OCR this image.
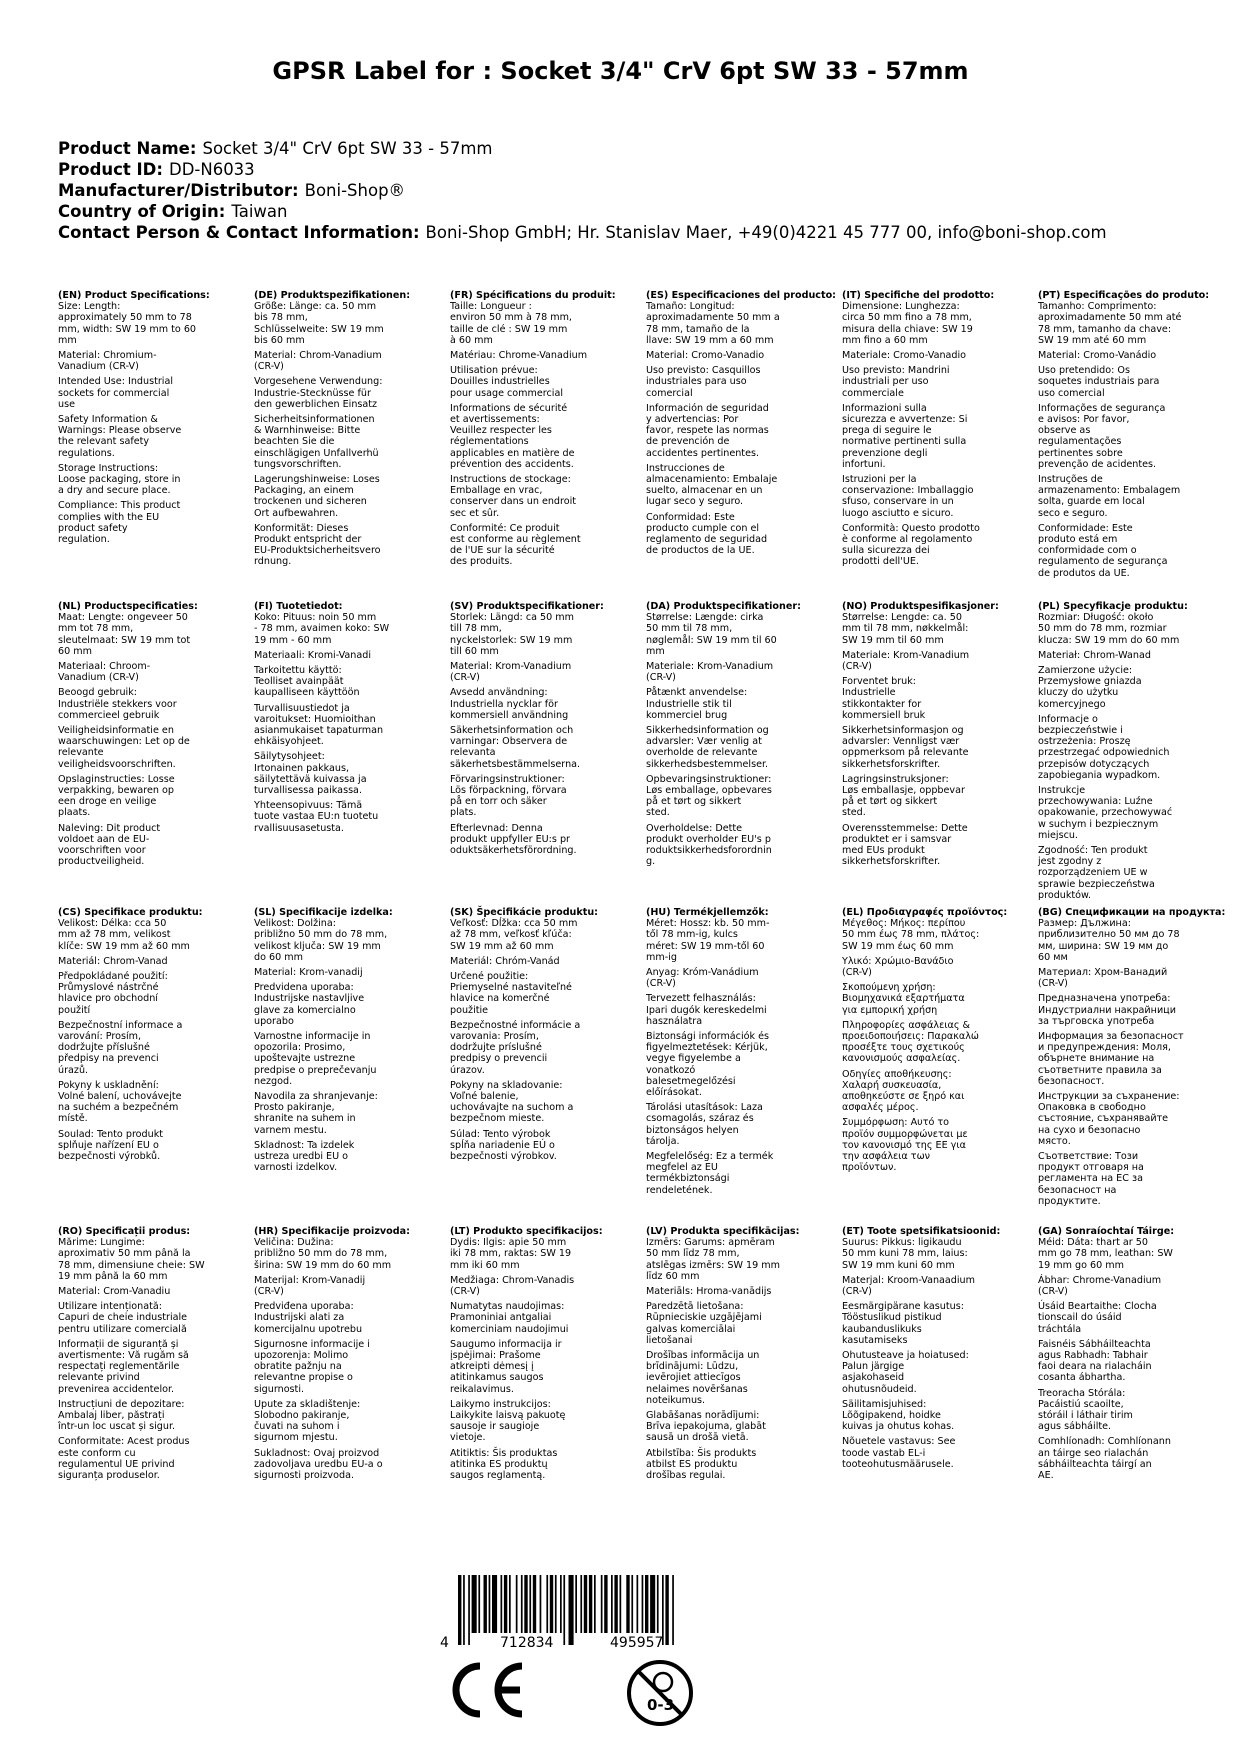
GPSR Label for : Socket 3/4" CrV 6pt SW 33 - 57mm
Product Name: Socket 3/4" CrV 6pt SW 33 - 57mm
Product ID: DD-N6033
Manufacturer/Distributor: Boni-Shop®
Country of Origin: Taiwan
Contact Person & Contact Information: Boni-Shop GmbH; Hr. Stanislav Maer, +49(0)4221 45 777 00, info@boni-shop.com
(EN) Product Specifications:

Size: Length:
approximately 50 mm to 78
mm, width: SW 19 mm to 60
mm

Material: Chromium-
Vanadium (CR-V)

Intended Use: Industrial
sockets for commercial
use

Safety Information &
Warnings: Please observe
the relevant safety
regulations.

Storage Instructions:
Loose packaging, store in
a dry and secure place.

Compliance: This product
complies with the EU
product safety
regulation.

(DE) Produktspezifikationen:

Größe: Länge: ca. 50 mm
bis 78 mm,
Schlüsselweite: SW 19 mm
bis 60 mm

Material: Chrom-Vanadium
(CR-V)

Vorgesehene Verwendung:
Industrie-Stecknüsse für
den gewerblichen Einsatz

Sicherheitsinformationen
& Warnhinweise: Bitte
beachten Sie die
einschlägigen Unfallverhü
tungsvorschriften.

Lagerungshinweise: Loses
Packaging, an einem
trockenen und sicheren
Ort aufbewahren.

Konformität: Dieses
Produkt entspricht der
EU-Produktsicherheitsvero
rdnung.

(FR) Spécifications du produit:

Taille: Longueur :
environ 50 mm à 78 mm,
taille de clé : SW 19 mm
à 60 mm

Matériau: Chrome-Vanadium

Utilisation prévue:
Douilles industrielles
pour usage commercial

Informations de sécurité
et avertissements:
Veuillez respecter les
réglementations
applicables en matière de
prévention des accidents.

Instructions de stockage:
Emballage en vrac,
conserver dans un endroit
sec et sûr.

Conformité: Ce produit
est conforme au règlement
de l'UE sur la sécurité
des produits.

(ES) Especificaciones del producto:

Tamaño: Longitud:
aproximadamente 50 mm a
78 mm, tamaño de la
llave: SW 19 mm a 60 mm

Material: Cromo-Vanadio

Uso previsto: Casquillos
industriales para uso
comercial

Información de seguridad
y advertencias: Por
favor, respete las normas
de prevención de
accidentes pertinentes.

Instrucciones de
almacenamiento: Embalaje
suelto, almacenar en un
lugar seco y seguro.

Conformidad: Este
producto cumple con el
reglamento de seguridad
de productos de la UE.

(IT) Specifiche del prodotto:

Dimensione: Lunghezza:
circa 50 mm fino a 78 mm,
misura della chiave: SW 19
mm fino a 60 mm

Materiale: Cromo-Vanadio

Uso previsto: Mandrini
industriali per uso
commerciale

Informazioni sulla
sicurezza e avvertenze: Si
prega di seguire le
normative pertinenti sulla
prevenzione degli
infortuni.

Istruzioni per la
conservazione: Imballaggio
sfuso, conservare in un
luogo asciutto e sicuro.

Conformità: Questo prodotto
è conforme al regolamento
sulla sicurezza dei
prodotti dell'UE.

(PT) Especificações do produto:

Tamanho: Comprimento:
aproximadamente 50 mm até
78 mm, tamanho da chave:
SW 19 mm até 60 mm

Material: Cromo-Vanádio

Uso pretendido: Os
soquetes industriais para
uso comercial

Informações de segurança
e avisos: Por favor,
observe as
regulamentações
pertinentes sobre
prevenção de acidentes.

Instruções de
armazenamento: Embalagem
solta, guarde em local
seco e seguro.

Conformidade: Este
produto está em
conformidade com o
regulamento de segurança
de produtos da UE.

(NL) Productspecificaties:

Maat: Lengte: ongeveer 50
mm tot 78 mm,
sleutelmaat: SW 19 mm tot
60 mm

Materiaal: Chroom-
Vanadium (CR-V)

Beoogd gebruik:
Industriële stekkers voor
commercieel gebruik

Veiligheidsinformatie en
waarschuwingen: Let op de
relevante
veiligheidsvoorschriften.

Opslaginstructies: Losse
verpakking, bewaren op
een droge en veilige
plaats.

Naleving: Dit product
voldoet aan de EU-
voorschriften voor
productveiligheid.

(FI) Tuotetiedot:

Koko: Pituus: noin 50 mm
- 78 mm, avaimen koko: SW
19 mm - 60 mm

Materiaali: Kromi-Vanadi

Tarkoitettu käyttö:
Teolliset avainpäät
kaupalliseen käyttöön

Turvallisuustiedot ja
varoitukset: Huomioithan
asianmukaiset tapaturman
ehkäisyohjeet.

Säilytysohjeet:
Irtonainen pakkaus,
säilytettävä kuivassa ja
turvallisessa paikassa.

Yhteensopivuus: Tämä
tuote vastaa EU:n tuotetu
rvallisuusasetusta.

(SV) Produktspecifikationer:

Storlek: Längd: ca 50 mm
till 78 mm,
nyckelstorlek: SW 19 mm
till 60 mm

Material: Krom-Vanadium
(CR-V)

Avsedd användning:
Industriella nycklar för
kommersiell användning

Säkerhetsinformation och
varningar: Observera de
relevanta
säkerhetsbestämmelserna.

Förvaringsinstruktioner:
Lös förpackning, förvara
på en torr och säker
plats.

Efterlevnad: Denna
produkt uppfyller EU:s pr
oduktsäkerhetsförordning.

(DA) Produktspecifikationer:

Størrelse: Længde: cirka
50 mm til 78 mm,
nøglemål: SW 19 mm til 60
mm

Materiale: Krom-Vanadium
(CR-V)

Påtænkt anvendelse:
Industrielle stik til
kommerciel brug

Sikkerhedsinformation og
advarsler: Vær venlig at
overholde de relevante
sikkerhedsbestemmelser.

Opbevaringsinstruktioner:
Løs emballage, opbevares
på et tørt og sikkert
sted.

Overholdelse: Dette
produkt overholder EU's p
roduktsikkerhedsforordnin
g.

(NO) Produktspesifikasjoner:

Størrelse: Lengde: ca. 50
mm til 78 mm, nøkkelmål:
SW 19 mm til 60 mm

Materiale: Krom-Vanadium
(CR-V)

Forventet bruk:
Industrielle
stikkontakter for
kommersiell bruk

Sikkerhetsinformasjon og
advarsler: Vennligst vær
oppmerksom på relevante
sikkerhetsforskrifter.

Lagringsinstruksjoner:
Løs emballasje, oppbevar
på et tørt og sikkert
sted.

Overensstemmelse: Dette
produktet er i samsvar
med EUs produkt
sikkerhetsforskrifter.

(PL) Specyfikacje produktu:

Rozmiar: Długość: około
50 mm do 78 mm, rozmiar
klucza: SW 19 mm do 60 mm

Materiał: Chrom-Wanad

Zamierzone użycie:
Przemysłowe gniazda
kluczy do użytku
komercyjnego

Informacje o
bezpieczeństwie i
ostrzeżenia: Proszę
przestrzegać odpowiednich
przepisów dotyczących
zapobiegania wypadkom.

Instrukcje
przechowywania: Luźne
opakowanie, przechowywać
w suchym i bezpiecznym
miejscu.

Zgodność: Ten produkt
jest zgodny z
rozporządzeniem UE w
sprawie bezpieczeństwa
produktów.

(CS) Specifikace produktu:

Velikost: Délka: cca 50
mm až 78 mm, velikost
klíče: SW 19 mm až 60 mm

Materiál: Chrom-Vanad

Předpokládané použití:
Průmyslové nástrčné
hlavice pro obchodní
použití

Bezpečnostní informace a
varování: Prosím,
dodržujte příslušné
předpisy na prevenci
úrazů.

Pokyny k uskladnění:
Volné balení, uchovávejte
na suchém a bezpečném
místě.

Soulad: Tento produkt
splňuje nařízení EU o
bezpečnosti výrobků.

(SL) Specifikacije izdelka:

Velikost: Dolžina:
približno 50 mm do 78 mm,
velikost ključa: SW 19 mm
do 60 mm

Material: Krom-vanadij

Predvidena uporaba:
Industrijske nastavljive
glave za komercialno
uporabo

Varnostne informacije in
opozorila: Prosimo,
upoštevajte ustrezne
predpise o preprečevanju
nezgod.

Navodila za shranjevanje:
Prosto pakiranje,
shranite na suhem in
varnem mestu.

Skladnost: Ta izdelek
ustreza uredbi EU o
varnosti izdelkov.

(SK) Špecifikácie produktu:

Veľkosť: Dĺžka: cca 50 mm
až 78 mm, veľkosť kľúča:
SW 19 mm až 60 mm

Materiál: Chróm-Vanád

Určené použitie:
Priemyselné nastaviteľné
hlavice na komerčné
použitie

Bezpečnostné informácie a
varovania: Prosím,
dodržujte príslušné
predpisy o prevencii
úrazov.

Pokyny na skladovanie:
Voľné balenie,
uchovávajte na suchom a
bezpečnom mieste.

Súlad: Tento výrobok
spĺňa nariadenie EÚ o
bezpečnosti výrobkov.

(HU) Termékjellemzők:

Méret: Hossz: kb. 50 mm-
től 78 mm-ig, kulcs
méret: SW 19 mm-től 60
mm-ig

Anyag: Króm-Vanádium
(CR-V)

Tervezett felhasználás:
Ipari dugók kereskedelmi
használatra

Biztonsági információk és
figyelmeztetések: Kérjük,
vegye figyelembe a
vonatkozó
balesetmegelőzési
előírásokat.

Tárolási utasítások: Laza
csomagolás, száraz és
biztonságos helyen
tárolja.

Megfelelőség: Ez a termék
megfelel az EU
termékbiztonsági
rendeletének.

(EL) Προδιαγραφές προϊόντος:

Μέγεθος: Μήκος: περίπου
50 mm έως 78 mm, πλάτος:
SW 19 mm έως 60 mm

Υλικό: Χρώμιο-Βανάδιο
(CR-V)

Σκοπούμενη χρήση:
Βιομηχανικά εξαρτήματα
για εμπορική χρήση

Πληροφορίες ασφάλειας &
προειδοποιήσεις: Παρακαλώ
προσέξτε τους σχετικούς
κανονισμούς ασφαλείας.

Οδηγίες αποθήκευσης:
Χαλαρή συσκευασία,
αποθηκεύστε σε ξηρό και
ασφαλές μέρος.

Συμμόρφωση: Αυτό το
προϊόν συμμορφώνεται με
τον κανονισμό της ΕΕ για
την ασφάλεια των
προϊόντων.

(BG) Спецификации на продукта:

Размер: Дължина:
приблизително 50 мм до 78
мм, ширина: SW 19 мм до
60 мм

Материал: Хром-Ванадий
(CR-V)

Предназначена употреба:
Индустриални накрайници
за търговска употреба

Информация за безопасност
и предупреждения: Моля,
обърнете внимание на
съответните правила за
безопасност.

Инструкции за съхранение:
Опаковка в свободно
състояние, съхранявайте
на сухо и безопасно
място.

Съответствие: Този
продукт отговаря на
регламента на ЕС за
безопасност на
продуктите.

(RO) Specificații produs:

Mărime: Lungime:
aproximativ 50 mm până la
78 mm, dimensiune cheie: SW
19 mm până la 60 mm

Material: Crom-Vanadiu

Utilizare intenționată:
Capuri de cheie industriale
pentru utilizare comercială

Informații de siguranță și
avertismente: Vă rugăm să
respectați reglementările
relevante privind
prevenirea accidentelor.

Instrucțiuni de depozitare:
Ambalaj liber, păstrați
într-un loc uscat și sigur.

Conformitate: Acest produs
este conform cu
regulamentul UE privind
siguranța produselor.

(HR) Specifikacije proizvoda:

Veličina: Dužina:
približno 50 mm do 78 mm,
širina: SW 19 mm do 60 mm

Materijal: Krom-Vanadij
(CR-V)

Predviđena uporaba:
Industrijski alati za
komercijalnu upotrebu

Sigurnosne informacije i
upozorenja: Molimo
obratite pažnju na
relevantne propise o
sigurnosti.

Upute za skladištenje:
Slobodno pakiranje,
čuvati na suhom i
sigurnom mjestu.

Sukladnost: Ovaj proizvod
zadovoljava uredbu EU-a o
sigurnosti proizvoda.

(LT) Produkto specifikacijos:

Dydis: Ilgis: apie 50 mm
iki 78 mm, raktas: SW 19
mm iki 60 mm

Medžiaga: Chrom-Vanadis
(CR-V)

Numatytas naudojimas:
Pramoniniai antgaliai
komerciniam naudojimui

Saugumo informacija ir
įspėjimai: Prašome
atkreipti dėmesį į
atitinkamus saugos
reikalavimus.

Laikymo instrukcijos:
Laikykite laisvą pakuotę
sausoje ir saugioje
vietoje.

Atitiktis: Šis produktas
atitinka ES produktų
saugos reglamentą.

(LV) Produkta specifikācijas:

Izmērs: Garums: apmēram
50 mm līdz 78 mm,
atslēgas izmērs: SW 19 mm
līdz 60 mm

Materiāls: Hroma-vanādijs

Paredzētā lietošana:
Rūpnieciskie uzgājējami
galvas komerciālai
lietošanai

Drošības informācija un
brīdinājumi: Lūdzu,
ievērojiet attiecīgos
nelaimes novēršanas
noteikumus.

Glabāšanas norādījumi:
Brīva iepakojuma, glabāt
sausā un drošā vietā.

Atbilstība: Šis produkts
atbilst ES produktu
drošības regulai.

(ET) Toote spetsifikatsioonid:

Suurus: Pikkus: ligikaudu
50 mm kuni 78 mm, laius:
SW 19 mm kuni 60 mm

Materjal: Kroom-Vanaadium
(CR-V)

Eesmärgipärane kasutus:
Tööstuslikud pistikud
kaubanduslikuks
kasutamiseks

Ohutusteave ja hoiatused:
Palun järgige
asjakohaseid
ohutusnõudeid.

Säilitamisjuhised:
Lõõgipakend, hoidke
kuivas ja ohutus kohas.

Nõuetele vastavus: See
toode vastab EL-i
tooteohutusmäärusele.

(GA) Sonraíochtaí Táirge:

Méid: Dáta: thart ar 50
mm go 78 mm, leathan: SW
19 mm go 60 mm

Ábhar: Chrome-Vanadium
(CR-V)

Úsáid Beartaithe: Clocha
tionscail do úsáid
tráchtála

Faisnéis Sábháilteachta
agus Rabhadh: Tabhair
faoi deara na rialacháin
cosanta ábhartha.

Treoracha Stórála:
Pacáistiú scaoilte,
stóráil i láthair tirim
agus sábháilte.

Comhlíonadh: Comhlíonann
an táirge seo rialachán
sábháilteachta táirgí an
AE.

4	712834	495957
0-3
